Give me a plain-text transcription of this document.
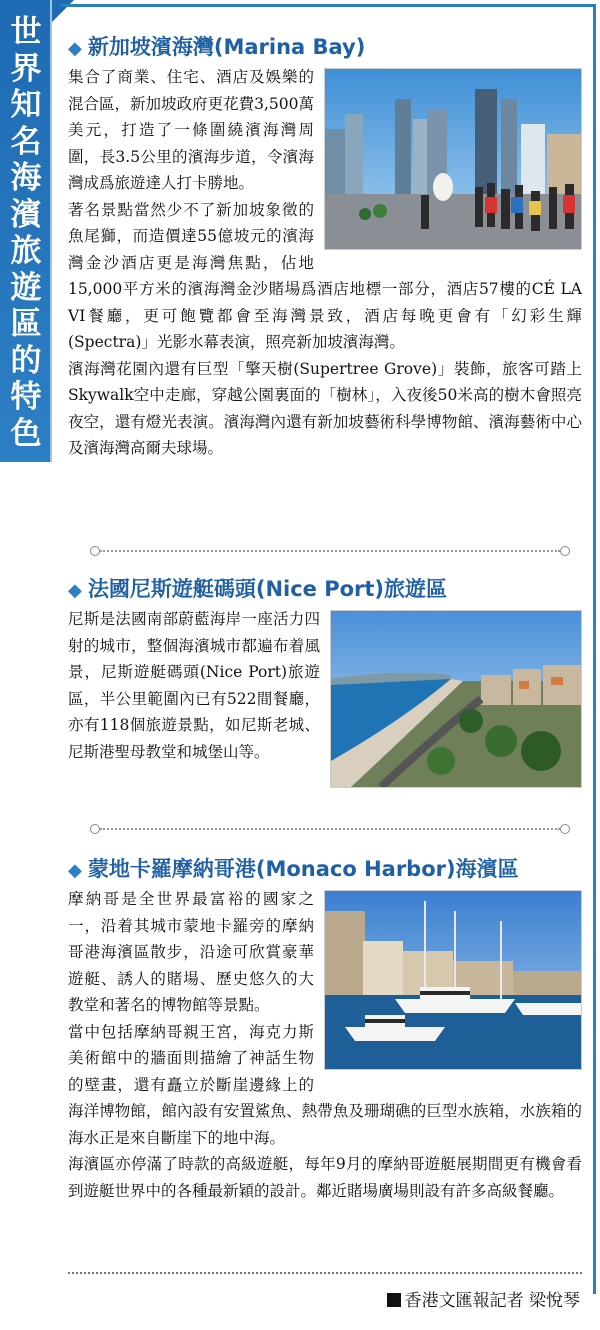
世界知名海濱旅遊區的特色
◆ 新加坡濱海灣(Marina Bay)

集合了商業、住宅、酒店及娛樂的混合區，新加坡政府更花費3,500萬美元，打造了一條圍繞濱海灣周圍，長3.5公里的濱海步道，令濱海灣成爲旅遊達人打卡勝地。

著名景點當然少不了新加坡象徵的魚尾獅，而造價達55億坡元的濱海灣金沙酒店更是海灣焦點，佔地15,000平方米的濱海灣金沙賭場爲酒店地標一部分，酒店57樓的CÉ LA VI餐廳，更可飽覽都會至海灣景致，酒店每晚更會有「幻彩生輝 (Spectra)」光影水幕表演，照亮新加坡濱海灣。

濱海灣花園內還有巨型「擎天樹(Supertree Grove)」裝飾，旅客可踏上Skywalk空中走廊，穿越公園裏面的「樹林」，入夜後50米高的樹木會照亮夜空，還有燈光表演。濱海灣內還有新加坡藝術科學博物館、濱海藝術中心及濱海灣高爾夫球場。

◆ 法國尼斯遊艇碼頭(Nice Port)旅遊區

尼斯是法國南部蔚藍海岸一座活力四射的城市，整個海濱城市都遍布着風景，尼斯遊艇碼頭(Nice Port)旅遊區，半公里範圍內已有522間餐廳，亦有118個旅遊景點，如尼斯老城、尼斯港聖母教堂和城堡山等。

◆ 蒙地卡羅摩納哥港(Monaco Harbor)海濱區

摩納哥是全世界最富裕的國家之一，沿着其城市蒙地卡羅旁的摩納哥港海濱區散步，沿途可欣賞豪華遊艇、誘人的賭場、歷史悠久的大教堂和著名的博物館等景點。

當中包括摩納哥親王宮，海克力斯美術館中的牆面則描繪了神話生物的壁畫，還有矗立於斷崖邊緣上的海洋博物館，館內設有安置鯊魚、熱帶魚及珊瑚礁的巨型水族箱，水族箱的海水正是來自斷崖下的地中海。

海濱區亦停滿了時款的高級遊艇，每年9月的摩納哥遊艇展期間更有機會看到遊艇世界中的各種最新穎的設計。鄰近賭場廣場則設有許多高級餐廳。

香港文匯報記者 梁悅琴
